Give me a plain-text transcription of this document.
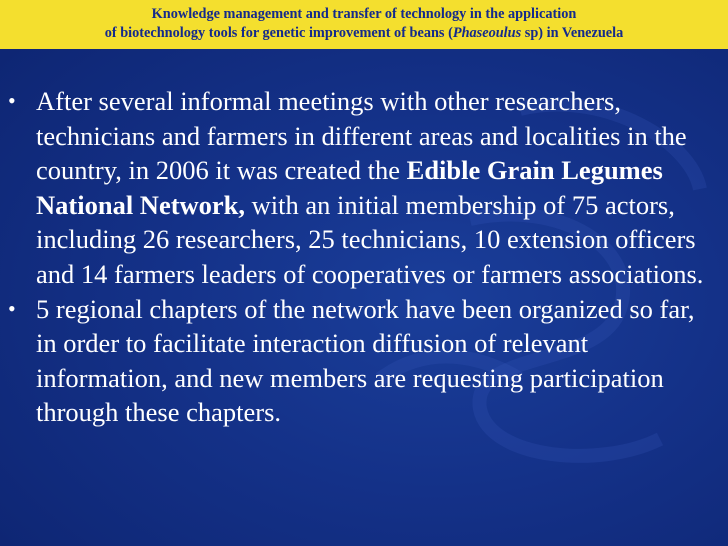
Knowledge management and transfer of technology in the application
of biotechnology tools for genetic improvement of beans (Phaseoulus sp) in Venezuela
• After several informal meetings with other researchers, technicians and farmers in different areas and localities in the country, in 2006 it was created the Edible Grain Legumes National Network, with an initial membership of 75 actors, including 26 researchers, 25 technicians, 10 extension officers and 14 farmers leaders of cooperatives or farmers associations.
• 5 regional chapters of the network have been organized so far, in order to facilitate interaction diffusion of relevant information, and new members are requesting participation through these chapters.
